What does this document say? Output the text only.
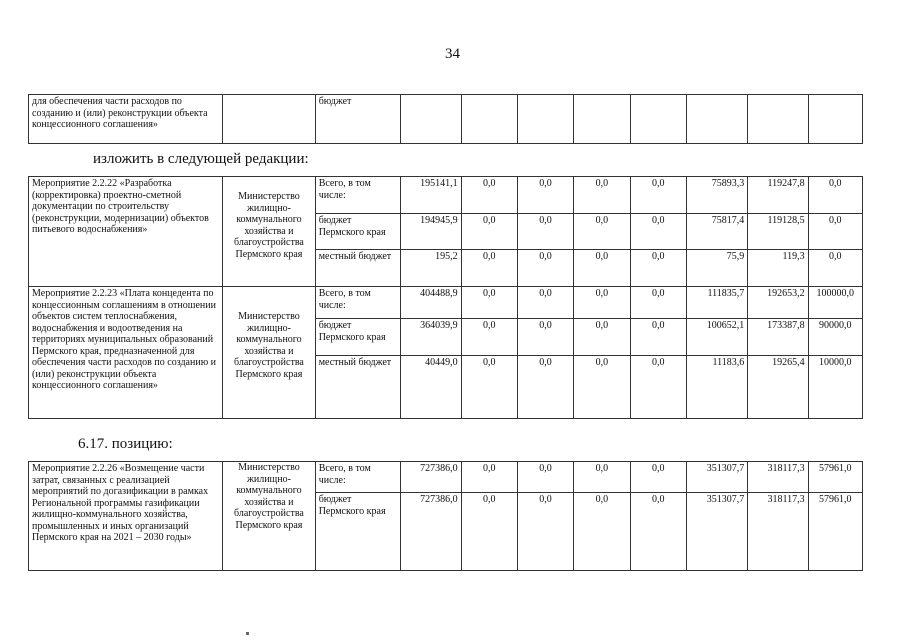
34
для обеспечения части расходов по созданию и (или) реконструкции объекта концессионного соглашения»		бюджет								
изложить в следующей редакции:
Мероприятие 2.2.22 «Разработка (корректировка) проектно-сметной документации по строительству (реконструкции, модернизации) объектов питьевого водоснабжения»	Министерство жилищно-коммунального хозяйства и благоустройства Пермского края	Всего, в том числе:	195141,1	0,0	0,0	0,0	0,0	75893,3	119247,8	0,0
		бюджет Пермского края	194945,9	0,0	0,0	0,0	0,0	75817,4	119128,5	0,0
		местный бюджет	195,2	0,0	0,0	0,0	0,0	75,9	119,3	0,0
Мероприятие 2.2.23 «Плата концедента по концессионным соглашениям в отношении объектов систем теплоснабжения, водоснабжения и водоотведения на территориях муниципальных образований Пермского края, предназначенной для обеспечения части расходов по созданию и (или) реконструкции объекта концессионного соглашения»	Министерство жилищно-коммунального хозяйства и благоустройства Пермского края	Всего, в том числе:	404488,9	0,0	0,0	0,0	0,0	111835,7	192653,2	100000,0
		бюджет Пермского края	364039,9	0,0	0,0	0,0	0,0	100652,1	173387,8	90000,0
		местный бюджет	40449,0	0,0	0,0	0,0	0,0	11183,6	19265,4	10000,0
6.17. позицию:
Мероприятие 2.2.26 «Возмещение части затрат, связанных с реализацией мероприятий по догазификации в рамках Региональной программы газификации жилищно-коммунального хозяйства, промышленных и иных организаций Пермского края на 2021 – 2030 годы»	Министерство жилищно-коммунального хозяйства и благоустройства Пермского края	Всего, в том числе:	727386,0	0,0	0,0	0,0	0,0	351307,7	318117,3	57961,0
		бюджет Пермского края	727386,0	0,0	0,0	0,0	0,0	351307,7	318117,3	57961,0
